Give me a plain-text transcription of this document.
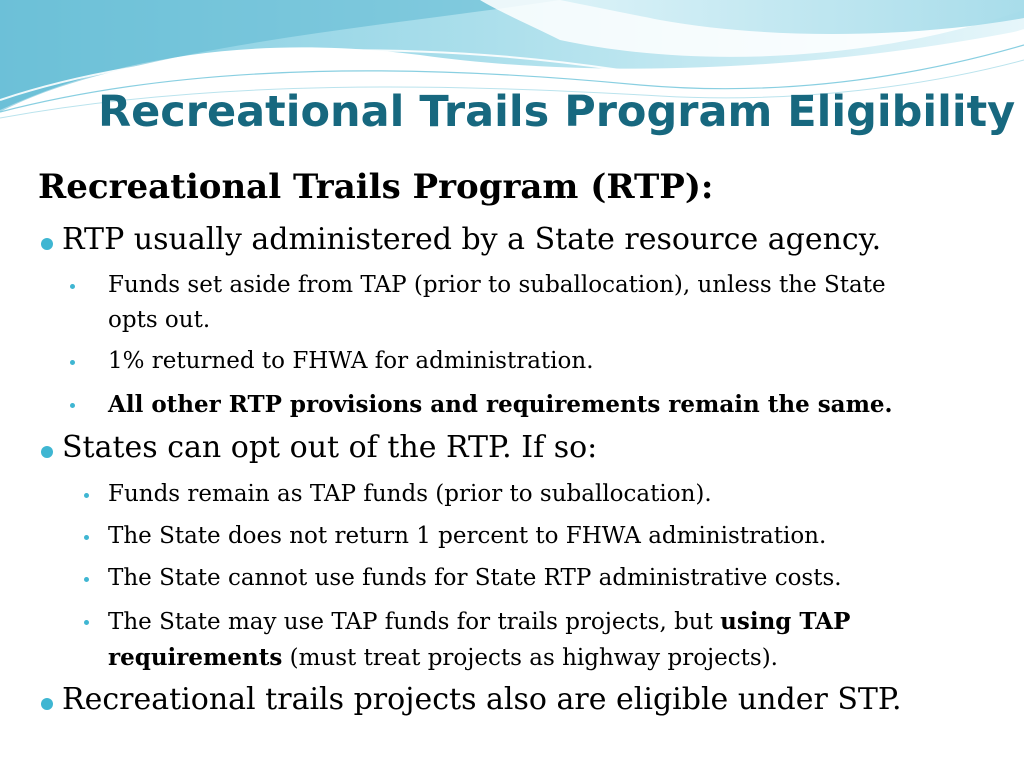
Recreational Trails Program Eligibility
Recreational Trails Program (RTP):
RTP usually administered by a State resource agency.
Funds set aside from TAP (prior to suballocation), unless the State
opts out.
1% returned to FHWA for administration.
All other RTP provisions and requirements remain the same.
States can opt out of the RTP. If so:
Funds remain as TAP funds (prior to suballocation).
The State does not return 1 percent to FHWA administration.
The State cannot use funds for State RTP administrative costs.
The State may use TAP funds for trails projects, but using TAP
requirements (must treat projects as highway projects).
Recreational trails projects also are eligible under STP.
